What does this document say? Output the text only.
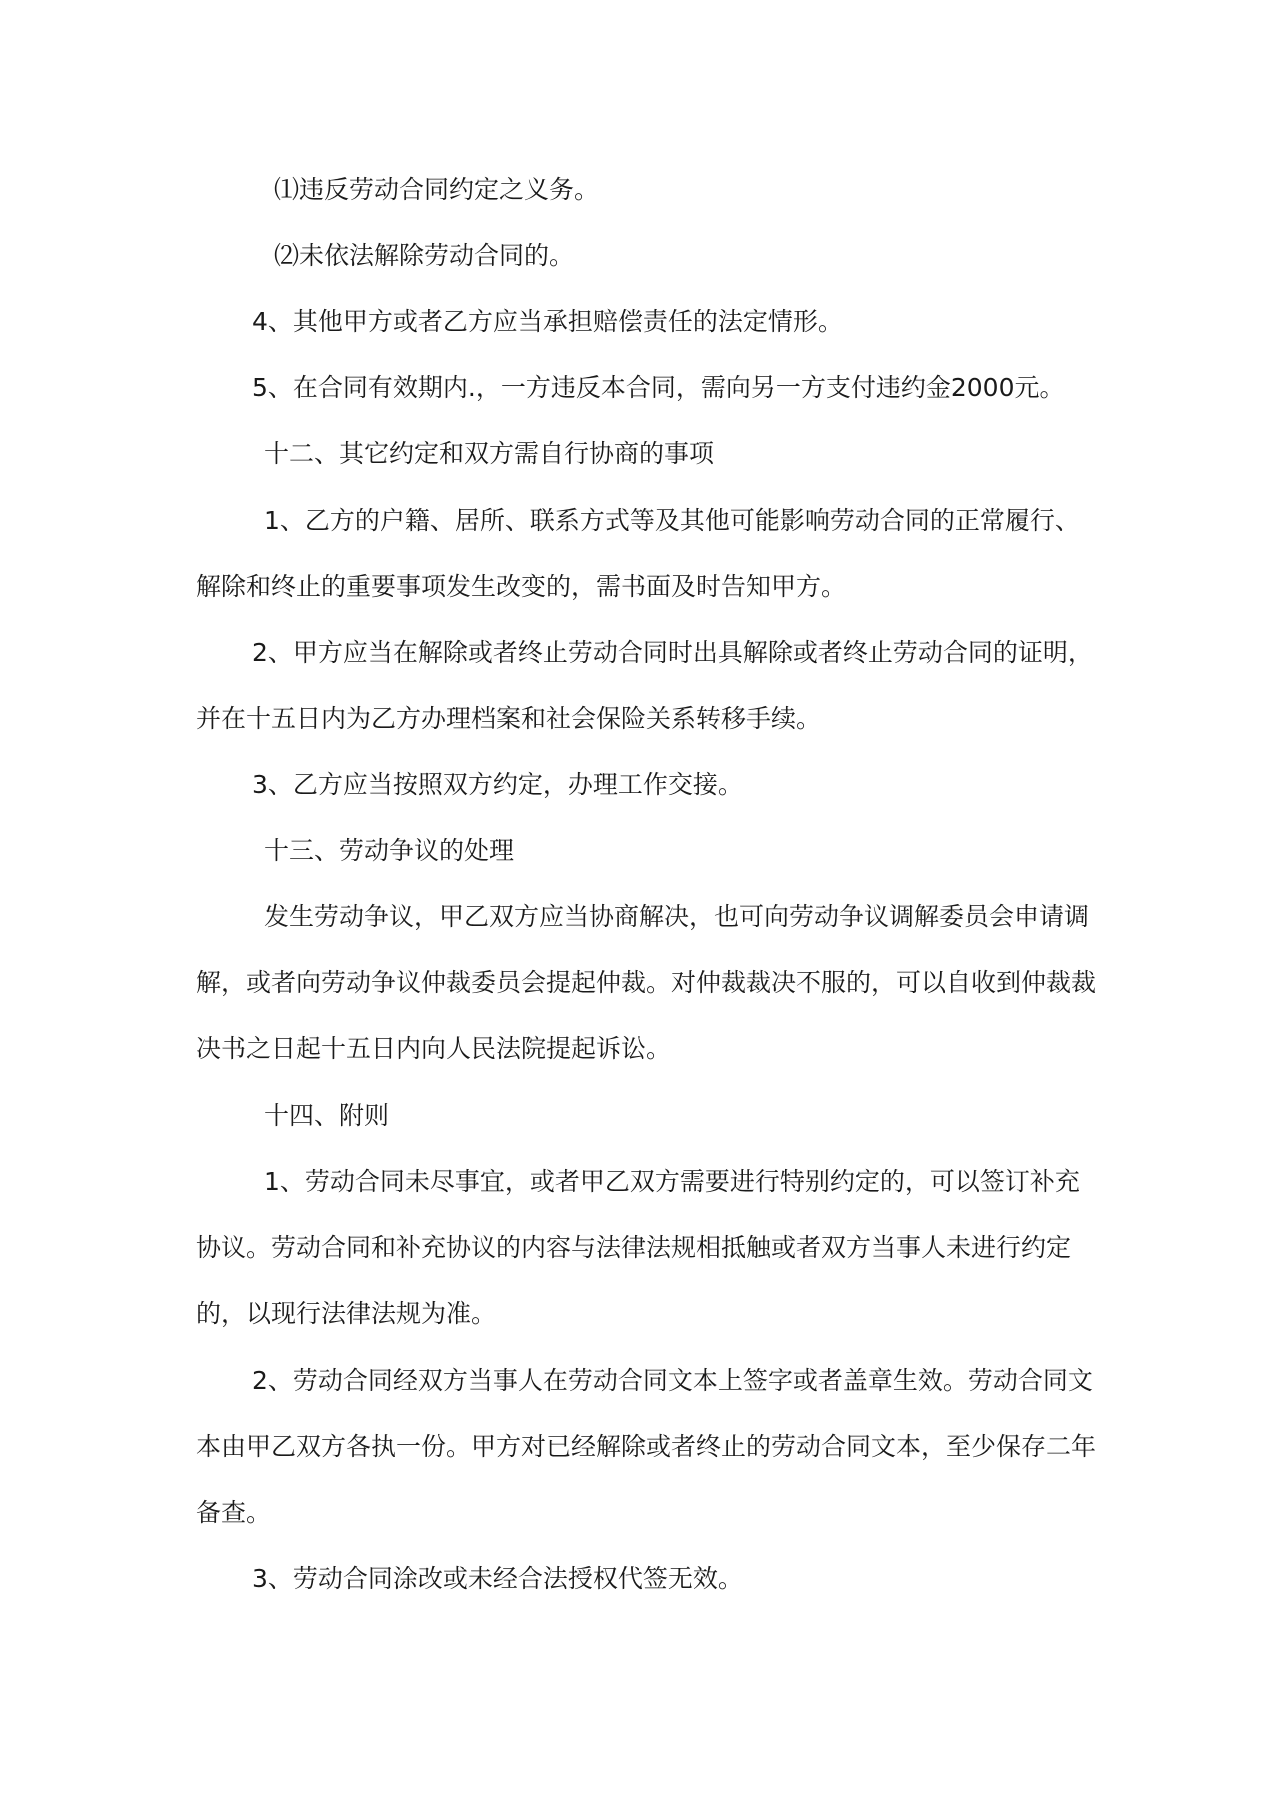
⑴违反劳动合同约定之义务。

⑵未依法解除劳动合同的。

4、其他甲方或者乙方应当承担赔偿责任的法定情形。

5、在合同有效期内.，一方违反本合同，需向另一方支付违约金2000元。

十二、其它约定和双方需自行协商的事项

1、乙方的户籍、居所、联系方式等及其他可能影响劳动合同的正常履行、解除和终止的重要事项发生改变的，需书面及时告知甲方。

2、甲方应当在解除或者终止劳动合同时出具解除或者终止劳动合同的证明，并在十五日内为乙方办理档案和社会保险关系转移手续。

3、乙方应当按照双方约定，办理工作交接。

十三、劳动争议的处理

发生劳动争议，甲乙双方应当协商解决，也可向劳动争议调解委员会申请调解，或者向劳动争议仲裁委员会提起仲裁。对仲裁裁决不服的，可以自收到仲裁裁决书之日起十五日内向人民法院提起诉讼。

十四、附则

1、劳动合同未尽事宜，或者甲乙双方需要进行特别约定的，可以签订补充协议。劳动合同和补充协议的内容与法律法规相抵触或者双方当事人未进行约定的，以现行法律法规为准。

2、劳动合同经双方当事人在劳动合同文本上签字或者盖章生效。劳动合同文本由甲乙双方各执一份。甲方对已经解除或者终止的劳动合同文本，至少保存二年备查。

3、劳动合同涂改或未经合法授权代签无效。
